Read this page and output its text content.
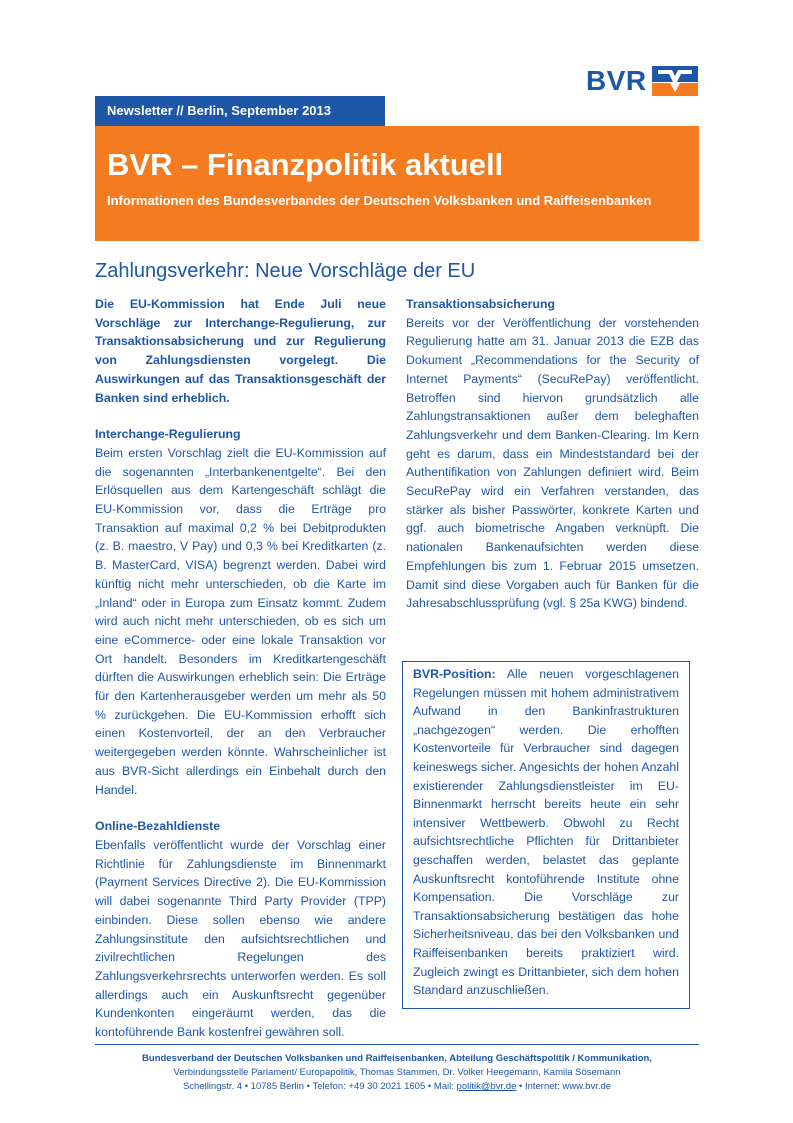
BVR
Newsletter // Berlin, September 2013
BVR – Finanzpolitik aktuell
Informationen des Bundesverbandes der Deutschen Volksbanken und Raiffeisenbanken
Zahlungsverkehr: Neue Vorschläge der EU

Die EU-Kommission hat Ende Juli neue Vorschläge zur Interchange-Regulierung, zur Transaktionsabsicherung und zur Regulierung von Zahlungsdiensten vorgelegt. Die Auswirkungen auf das Transaktionsgeschäft der Banken sind erheblich.

Interchange-Regulierung

Beim ersten Vorschlag zielt die EU-Kommission auf die sogenannten „Interbankenentgelte“. Bei den Erlösquellen aus dem Kartengeschäft schlägt die EU-Kommission vor, dass die Erträge pro Transaktion auf maximal 0,2 % bei Debitprodukten (z. B. maestro, V Pay) und 0,3 % bei Kreditkarten (z. B. MasterCard, VISA) begrenzt werden. Dabei wird künftig nicht mehr unterschieden, ob die Karte im „Inland“ oder in Europa zum Einsatz kommt. Zudem wird auch nicht mehr unterschieden, ob es sich um eine eCommerce- oder eine lokale Transaktion vor Ort handelt. Besonders im Kreditkartengeschäft dürften die Auswirkungen erheblich sein: Die Erträge für den Kartenherausgeber werden um mehr als 50 % zurückgehen. Die EU-Kommission erhofft sich einen Kostenvorteil, der an den Verbraucher weitergegeben werden könnte. Wahrscheinlicher ist aus BVR-Sicht allerdings ein Einbehalt durch den Handel.

Online-Bezahldienste

Ebenfalls veröffentlicht wurde der Vorschlag einer Richtlinie für Zahlungsdienste im Binnenmarkt (Payment Services Directive 2). Die EU-Kommission will dabei sogenannte Third Party Provider (TPP) einbinden. Diese sollen ebenso wie andere Zahlungsinstitute den aufsichtsrechtlichen und zivilrechtlichen Regelungen des Zahlungsverkehrsrechts unterworfen werden. Es soll allerdings auch ein Auskunftsrecht gegenüber Kundenkonten eingeräumt werden, das die kontoführende Bank kostenfrei gewähren soll.

Transaktionsabsicherung

Bereits vor der Veröffentlichung der vorstehenden Regulierung hatte am 31. Januar 2013 die EZB das Dokument „Recommendations for the Security of Internet Payments“ (SecuRePay) veröffentlicht. Betroffen sind hiervon grundsätzlich alle Zahlungstransaktionen außer dem beleghaften Zahlungsverkehr und dem Banken-Clearing. Im Kern geht es darum, dass ein Mindeststandard bei der Authentifikation von Zahlungen definiert wird. Beim SecuRePay wird ein Verfahren verstanden, das stärker als bisher Passwörter, konkrete Karten und ggf. auch biometrische Angaben verknüpft. Die nationalen Bankenaufsichten werden diese Empfehlungen bis zum 1. Februar 2015 umsetzen. Damit sind diese Vorgaben auch für Banken für die Jahresabschlussprüfung (vgl. § 25a KWG) bindend.

BVR-Position: Alle neuen vorgeschlagenen Regelungen müssen mit hohem administrativem Aufwand in den Bankinfrastrukturen „nachgezogen“ werden. Die erhofften Kostenvorteile für Verbraucher sind dagegen keineswegs sicher. Angesichts der hohen Anzahl existierender Zahlungsdienstleister im EU-Binnenmarkt herrscht bereits heute ein sehr intensiver Wettbewerb. Obwohl zu Recht aufsichtsrechtliche Pflichten für Drittanbieter geschaffen werden, belastet das geplante Auskunftsrecht kontoführende Institute ohne Kompensation. Die Vorschläge zur Transaktionsabsicherung bestätigen das hohe Sicherheitsniveau, das bei den Volksbanken und Raiffeisenbanken bereits praktiziert wird. Zugleich zwingt es Drittanbieter, sich dem hohen Standard anzuschließen.

Bundesverband der Deutschen Volksbanken und Raiffeisenbanken, Abteilung Geschäftspolitik / Kommunikation,
Verbindungsstelle Parlament/ Europapolitik, Thomas Stammen, Dr. Volker Heegemann, Kamila Sösemann
Schellingstr. 4 • 10785 Berlin • Telefon: +49 30 2021 1605 • Mail: politik@bvr.de • Internet: www.bvr.de
